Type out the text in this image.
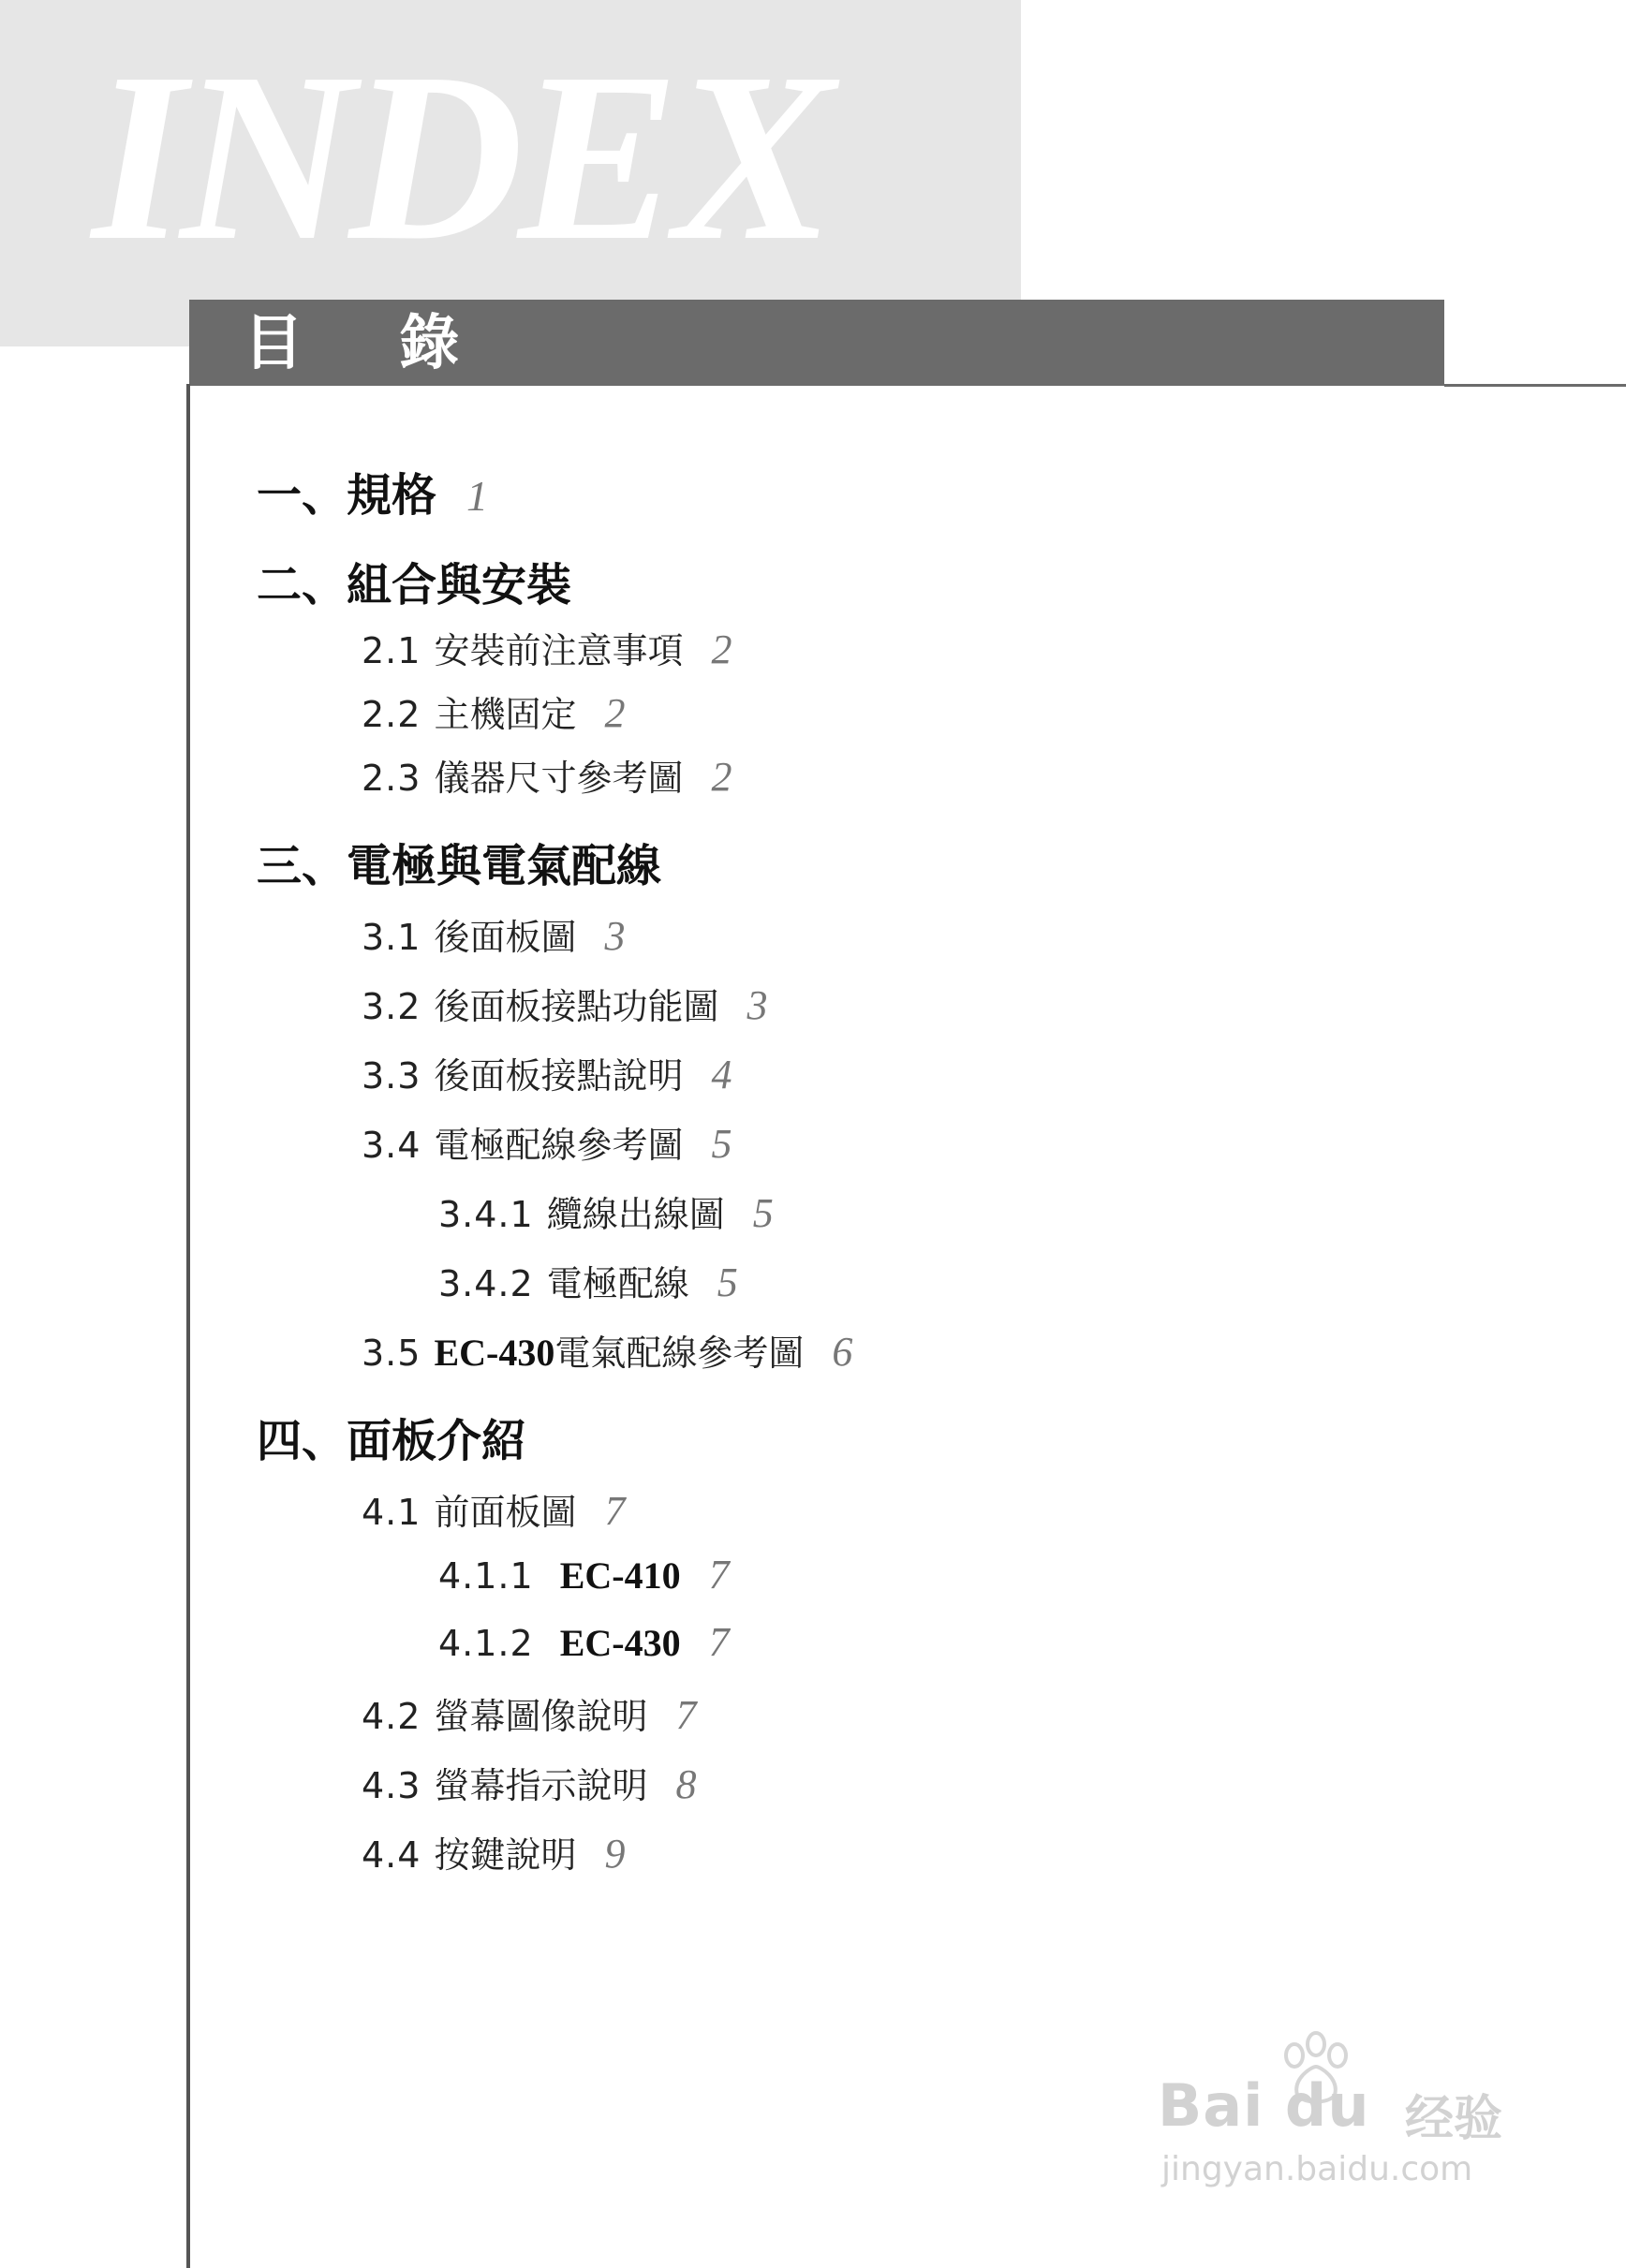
INDEX
目 錄
一、規格 1
二、組合與安裝
2.1 安裝前注意事項 2
2.2 主機固定 2
2.3 儀器尺寸參考圖 2
三、電極與電氣配線
3.1 後面板圖 3
3.2 後面板接點功能圖 3
3.3 後面板接點說明 4
3.4 電極配線參考圖 5
3.4.1 纜線出線圖 5
3.4.2 電極配線 5
3.5 EC-430 電氣配線參考圖 6
四、面板介紹
4.1 前面板圖 7
4.1.1 EC-410 7
4.1.2 EC-430 7
4.2 螢幕圖像說明 7
4.3 螢幕指示說明 8
4.4 按鍵說明 9
Bai du 经验
jingyan.baidu.com
